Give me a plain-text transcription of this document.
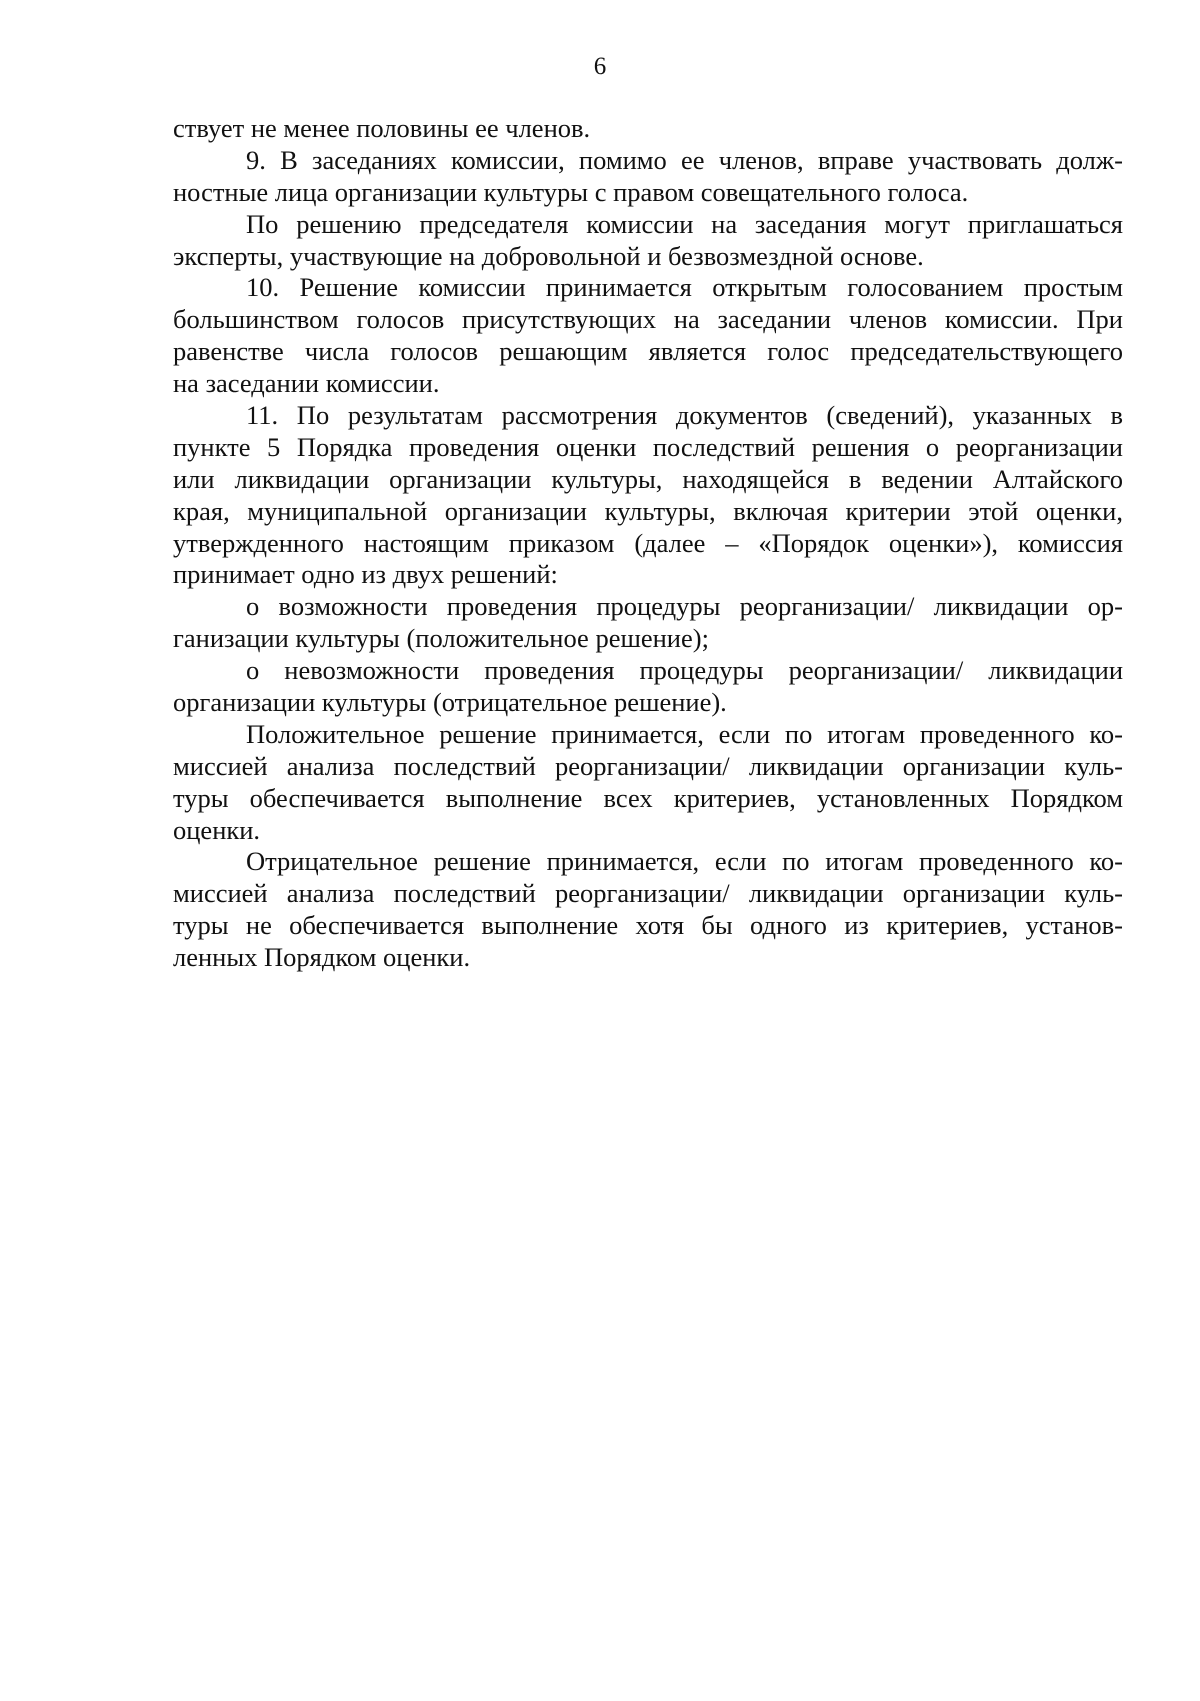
6
ствует не менее половины ее членов.
9. В заседаниях комиссии, помимо ее членов, вправе участвовать долж-
ностные лица организации культуры с правом совещательного голоса.
По решению председателя комиссии на заседания могут приглашаться
эксперты, участвующие на добровольной и безвозмездной основе.
10. Решение комиссии принимается открытым голосованием простым
большинством голосов присутствующих на заседании членов комиссии. При
равенстве числа голосов решающим является голос председательствующего
на заседании комиссии.
11. По результатам рассмотрения документов (сведений), указанных в
пункте 5 Порядка проведения оценки последствий решения о реорганизации
или ликвидации организации культуры, находящейся в ведении Алтайского
края, муниципальной организации культуры, включая критерии этой оценки,
утвержденного настоящим приказом (далее – «Порядок оценки»), комиссия
принимает одно из двух решений:
о возможности проведения процедуры реорганизации/ ликвидации ор-
ганизации культуры (положительное решение);
о невозможности проведения процедуры реорганизации/ ликвидации
организации культуры (отрицательное решение).
Положительное решение принимается, если по итогам проведенного ко-
миссией анализа последствий реорганизации/ ликвидации организации куль-
туры обеспечивается выполнение всех критериев, установленных Порядком
оценки.
Отрицательное решение принимается, если по итогам проведенного ко-
миссией анализа последствий реорганизации/ ликвидации организации куль-
туры не обеспечивается выполнение хотя бы одного из критериев, установ-
ленных Порядком оценки.
